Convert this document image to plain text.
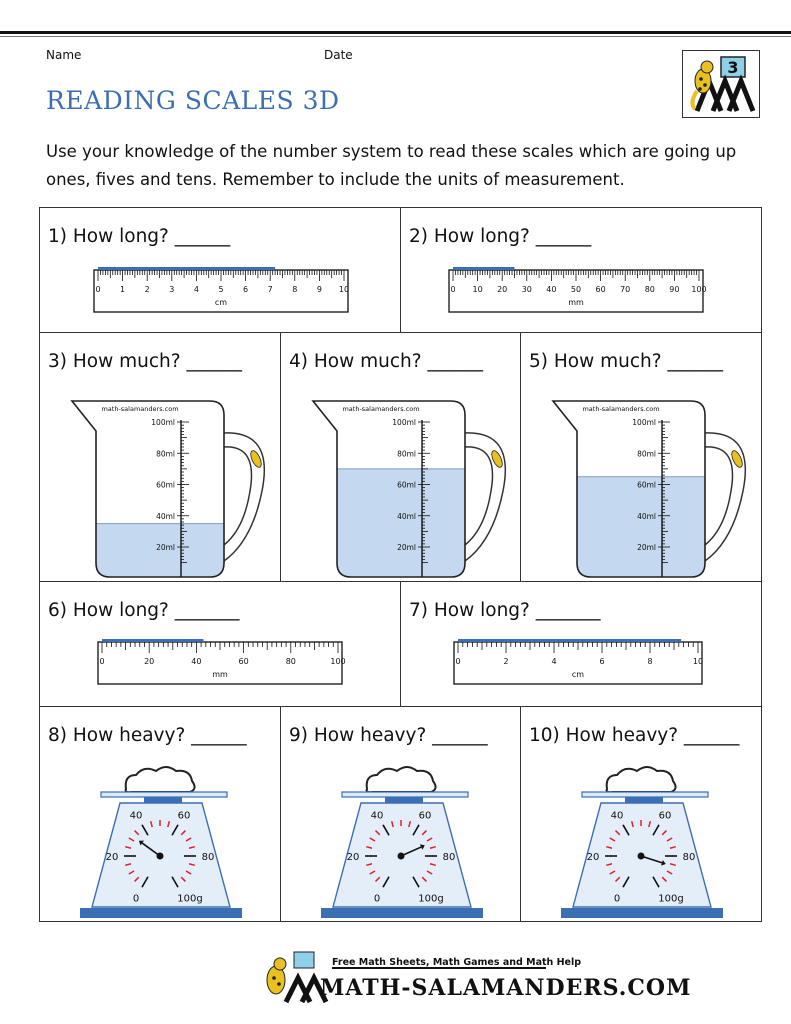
Name	Date
3
READING SCALES 3D
Use your knowledge of the number system to read these scales which are going up ones, fives and tens. Remember to include the units of measurement.
1) How long? ______
0 1 2 3 4 5 6 7 8 9 10
cm
2) How long? ______
0 10 20 30 40 50 60 70 80 90 100
mm
3) How much? ______
20ml
40ml
60ml
80ml
100ml
math-salamanders.com
4) How much? ______
20ml
40ml
60ml
80ml
100ml
math-salamanders.com
5) How much? ______
20ml
40ml
60ml
80ml
100ml
math-salamanders.com
6) How long? _______
0	20	40	60	80	100
mm
7) How long? _______
0	2	4	6	8	10
cm
8) How heavy? ______
0
20
40	60
80
100g
9) How heavy? ______
0
20
40	60
80
100g
10) How heavy? ______
0
20
40	60
80
100g
Free Math Sheets, Math Games and Math Help
MATH-SALAMANDERS.COM
